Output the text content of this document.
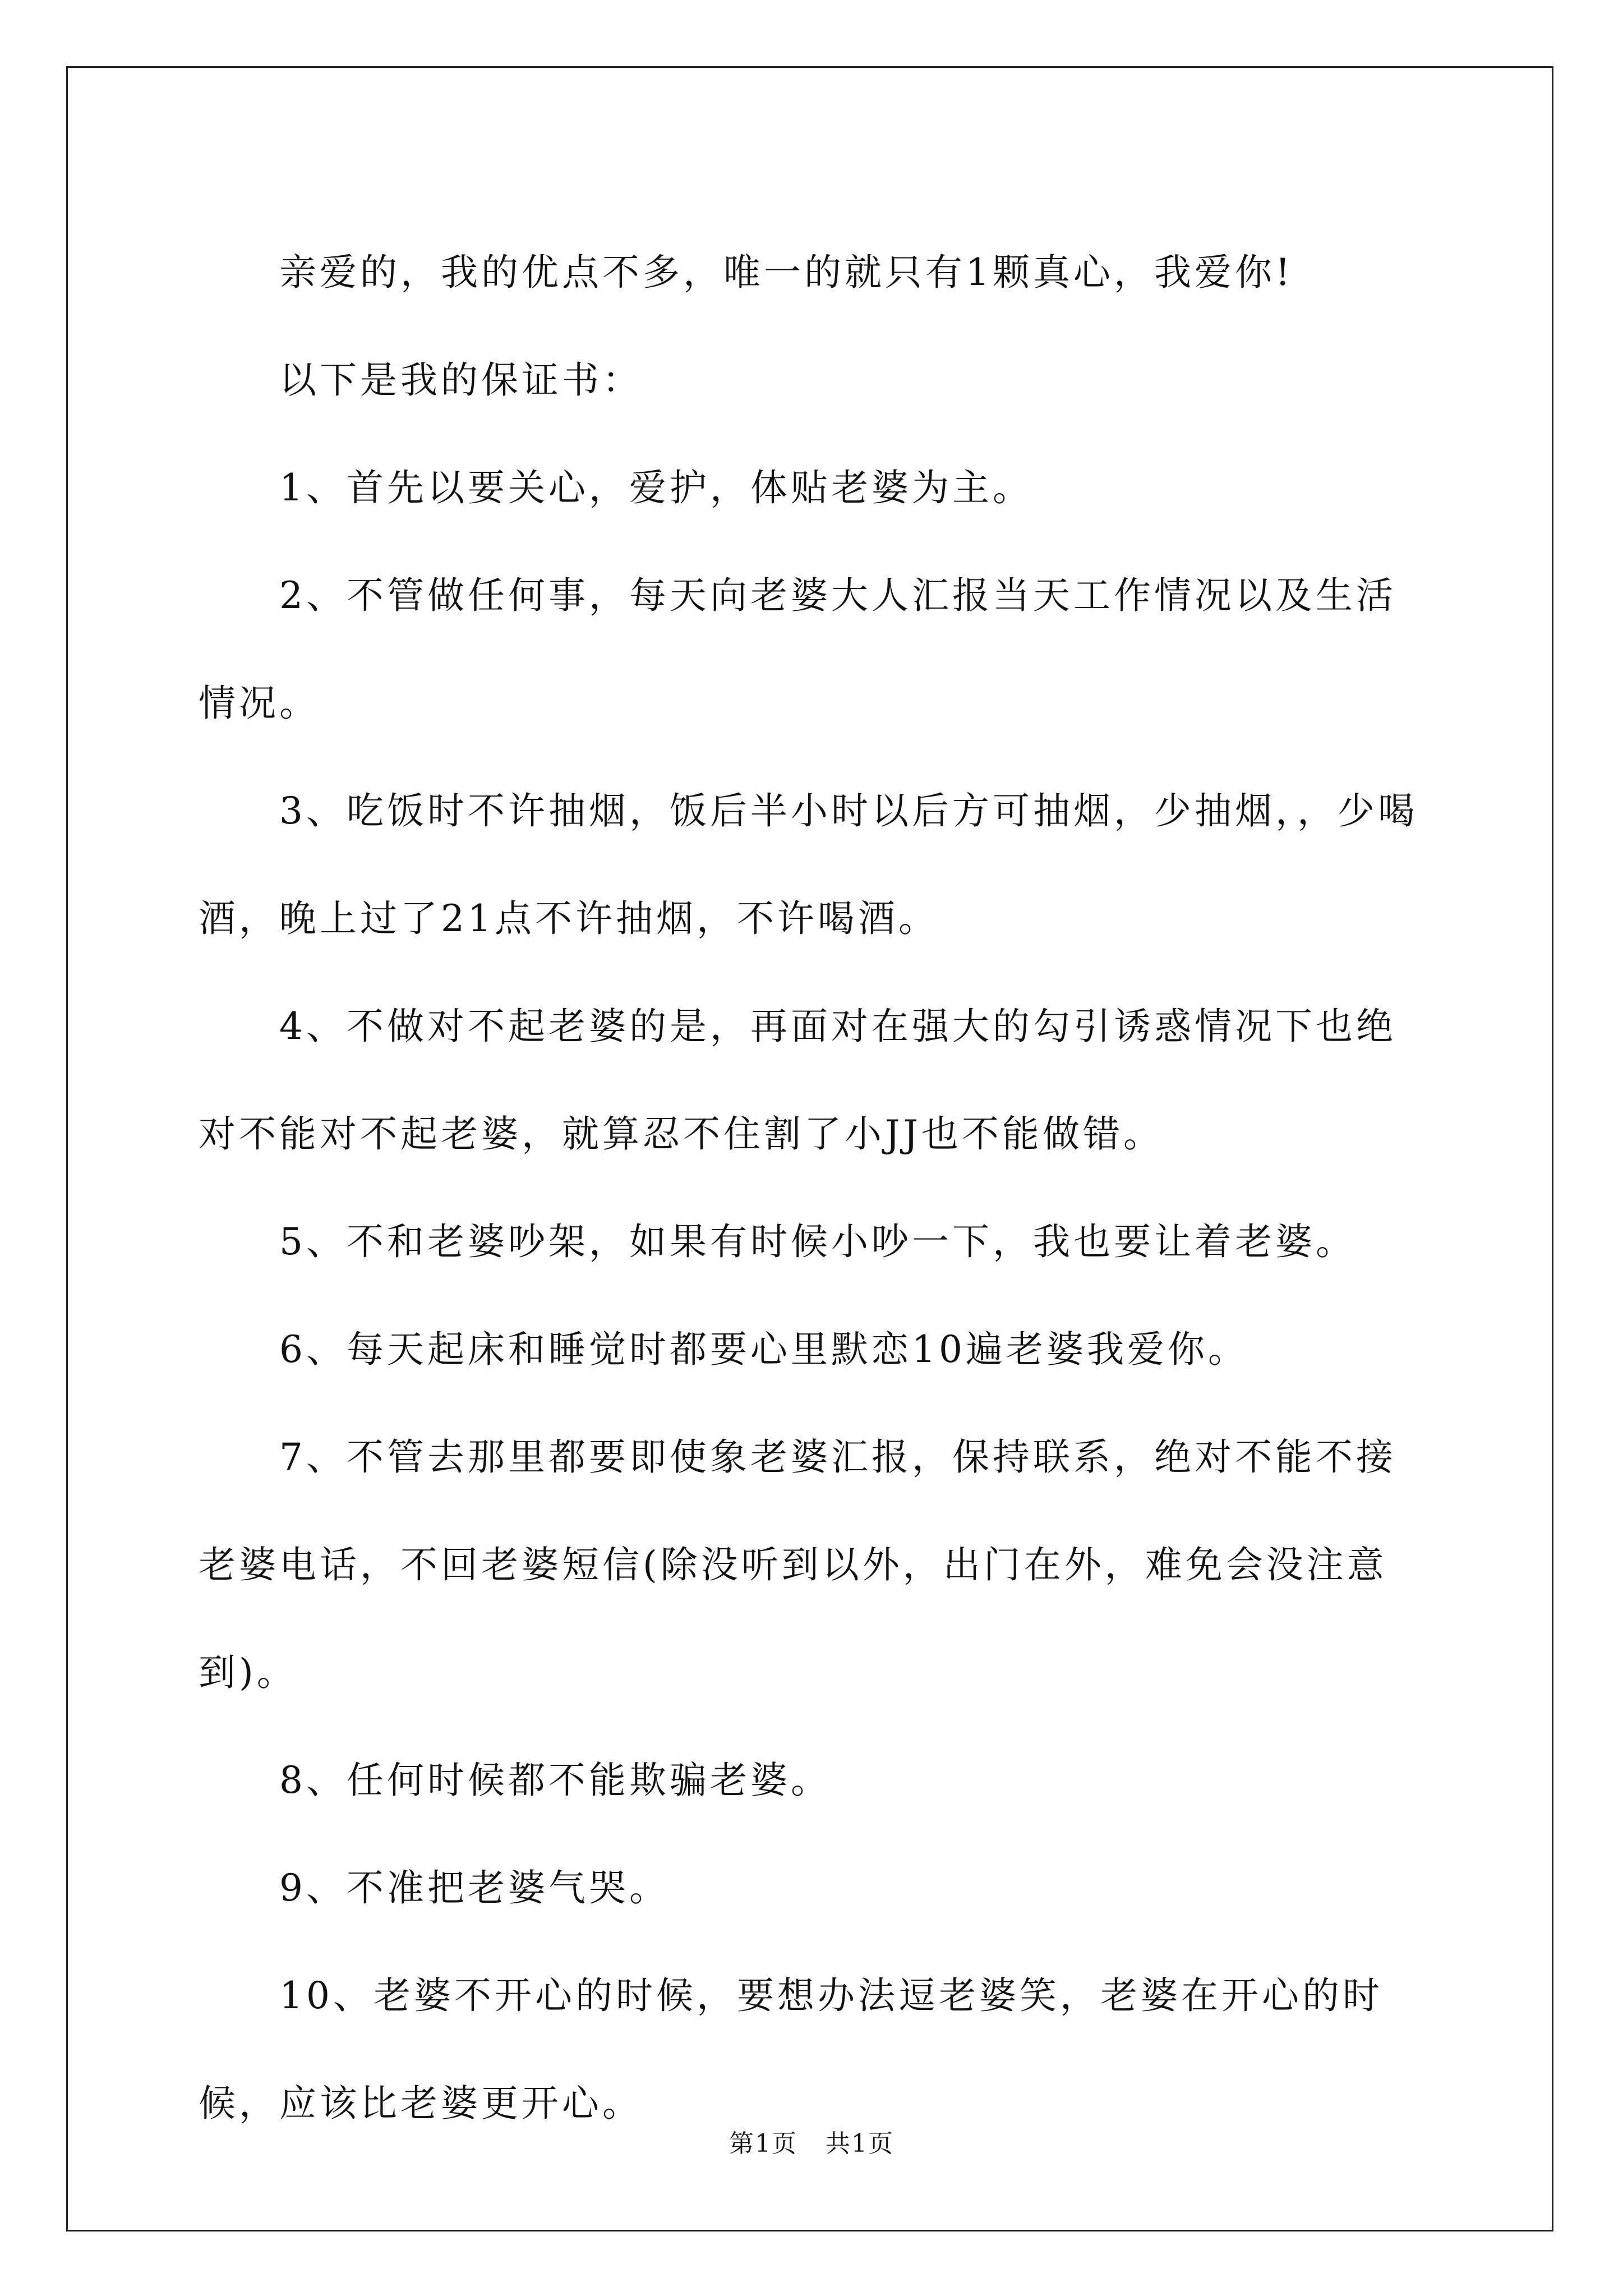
亲爱的，我的优点不多，唯一的就只有1颗真心，我爱你!

以下是我的保证书：

1、首先以要关心，爱护，体贴老婆为主。

2、不管做任何事，每天向老婆大人汇报当天工作情况以及生活情况。

3、吃饭时不许抽烟，饭后半小时以后方可抽烟，少抽烟，，少喝酒，晚上过了21点不许抽烟，不许喝酒。

4、不做对不起老婆的是，再面对在强大的勾引诱惑情况下也绝对不能对不起老婆，就算忍不住割了小JJ也不能做错。

5、不和老婆吵架，如果有时候小吵一下，我也要让着老婆。

6、每天起床和睡觉时都要心里默恋10遍老婆我爱你。

7、不管去那里都要即使象老婆汇报，保持联系，绝对不能不接老婆电话，不回老婆短信(除没听到以外，出门在外，难免会没注意到)。

8、任何时候都不能欺骗老婆。

9、不准把老婆气哭。

10、老婆不开心的时候，要想办法逗老婆笑，老婆在开心的时候，应该比老婆更开心。

第1页 共1页
